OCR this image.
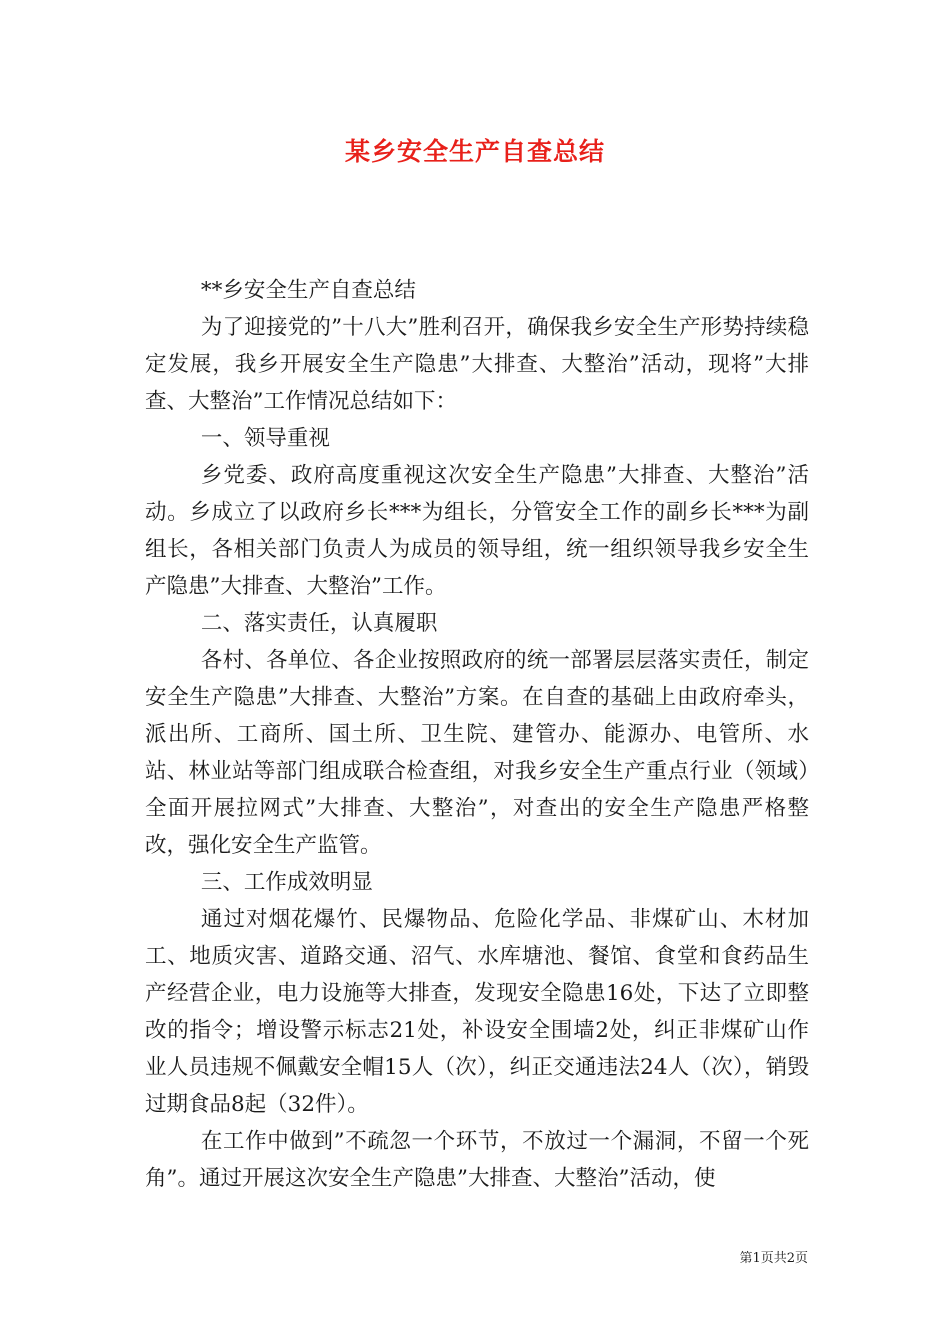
某乡安全生产自查总结

**乡安全生产自查总结

为了迎接党的”十八大”胜利召开，确保我乡安全生产形势持续稳定发展，我乡开展安全生产隐患”大排查、大整治”活动，现将”大排查、大整治”工作情况总结如下：

一、领导重视

乡党委、政府高度重视这次安全生产隐患”大排查、大整治”活动。乡成立了以政府乡长***为组长，分管安全工作的副乡长***为副组长，各相关部门负责人为成员的领导组，统一组织领导我乡安全生产隐患”大排查、大整治”工作。

二、落实责任，认真履职

各村、各单位、各企业按照政府的统一部署层层落实责任，制定安全生产隐患”大排查、大整治”方案。在自查的基础上由政府牵头，派出所、工商所、国土所、卫生院、建管办、能源办、电管所、水站、林业站等部门组成联合检查组，对我乡安全生产重点行业（领域）全面开展拉网式”大排查、大整治”，对查出的安全生产隐患严格整改，强化安全生产监管。

三、工作成效明显

通过对烟花爆竹、民爆物品、危险化学品、非煤矿山、木材加工、地质灾害、道路交通、沼气、水库塘池、餐馆、食堂和食药品生产经营企业，电力设施等大排查，发现安全隐患16处，下达了立即整改的指令；增设警示标志21处，补设安全围墙2处，纠正非煤矿山作业人员违规不佩戴安全帽15人（次），纠正交通违法24人（次），销毁过期食品8起（32件）。

在工作中做到”不疏忽一个环节，不放过一个漏洞，不留一个死角”。通过开展这次安全生产隐患”大排查、大整治”活动，使

第1页共2页
